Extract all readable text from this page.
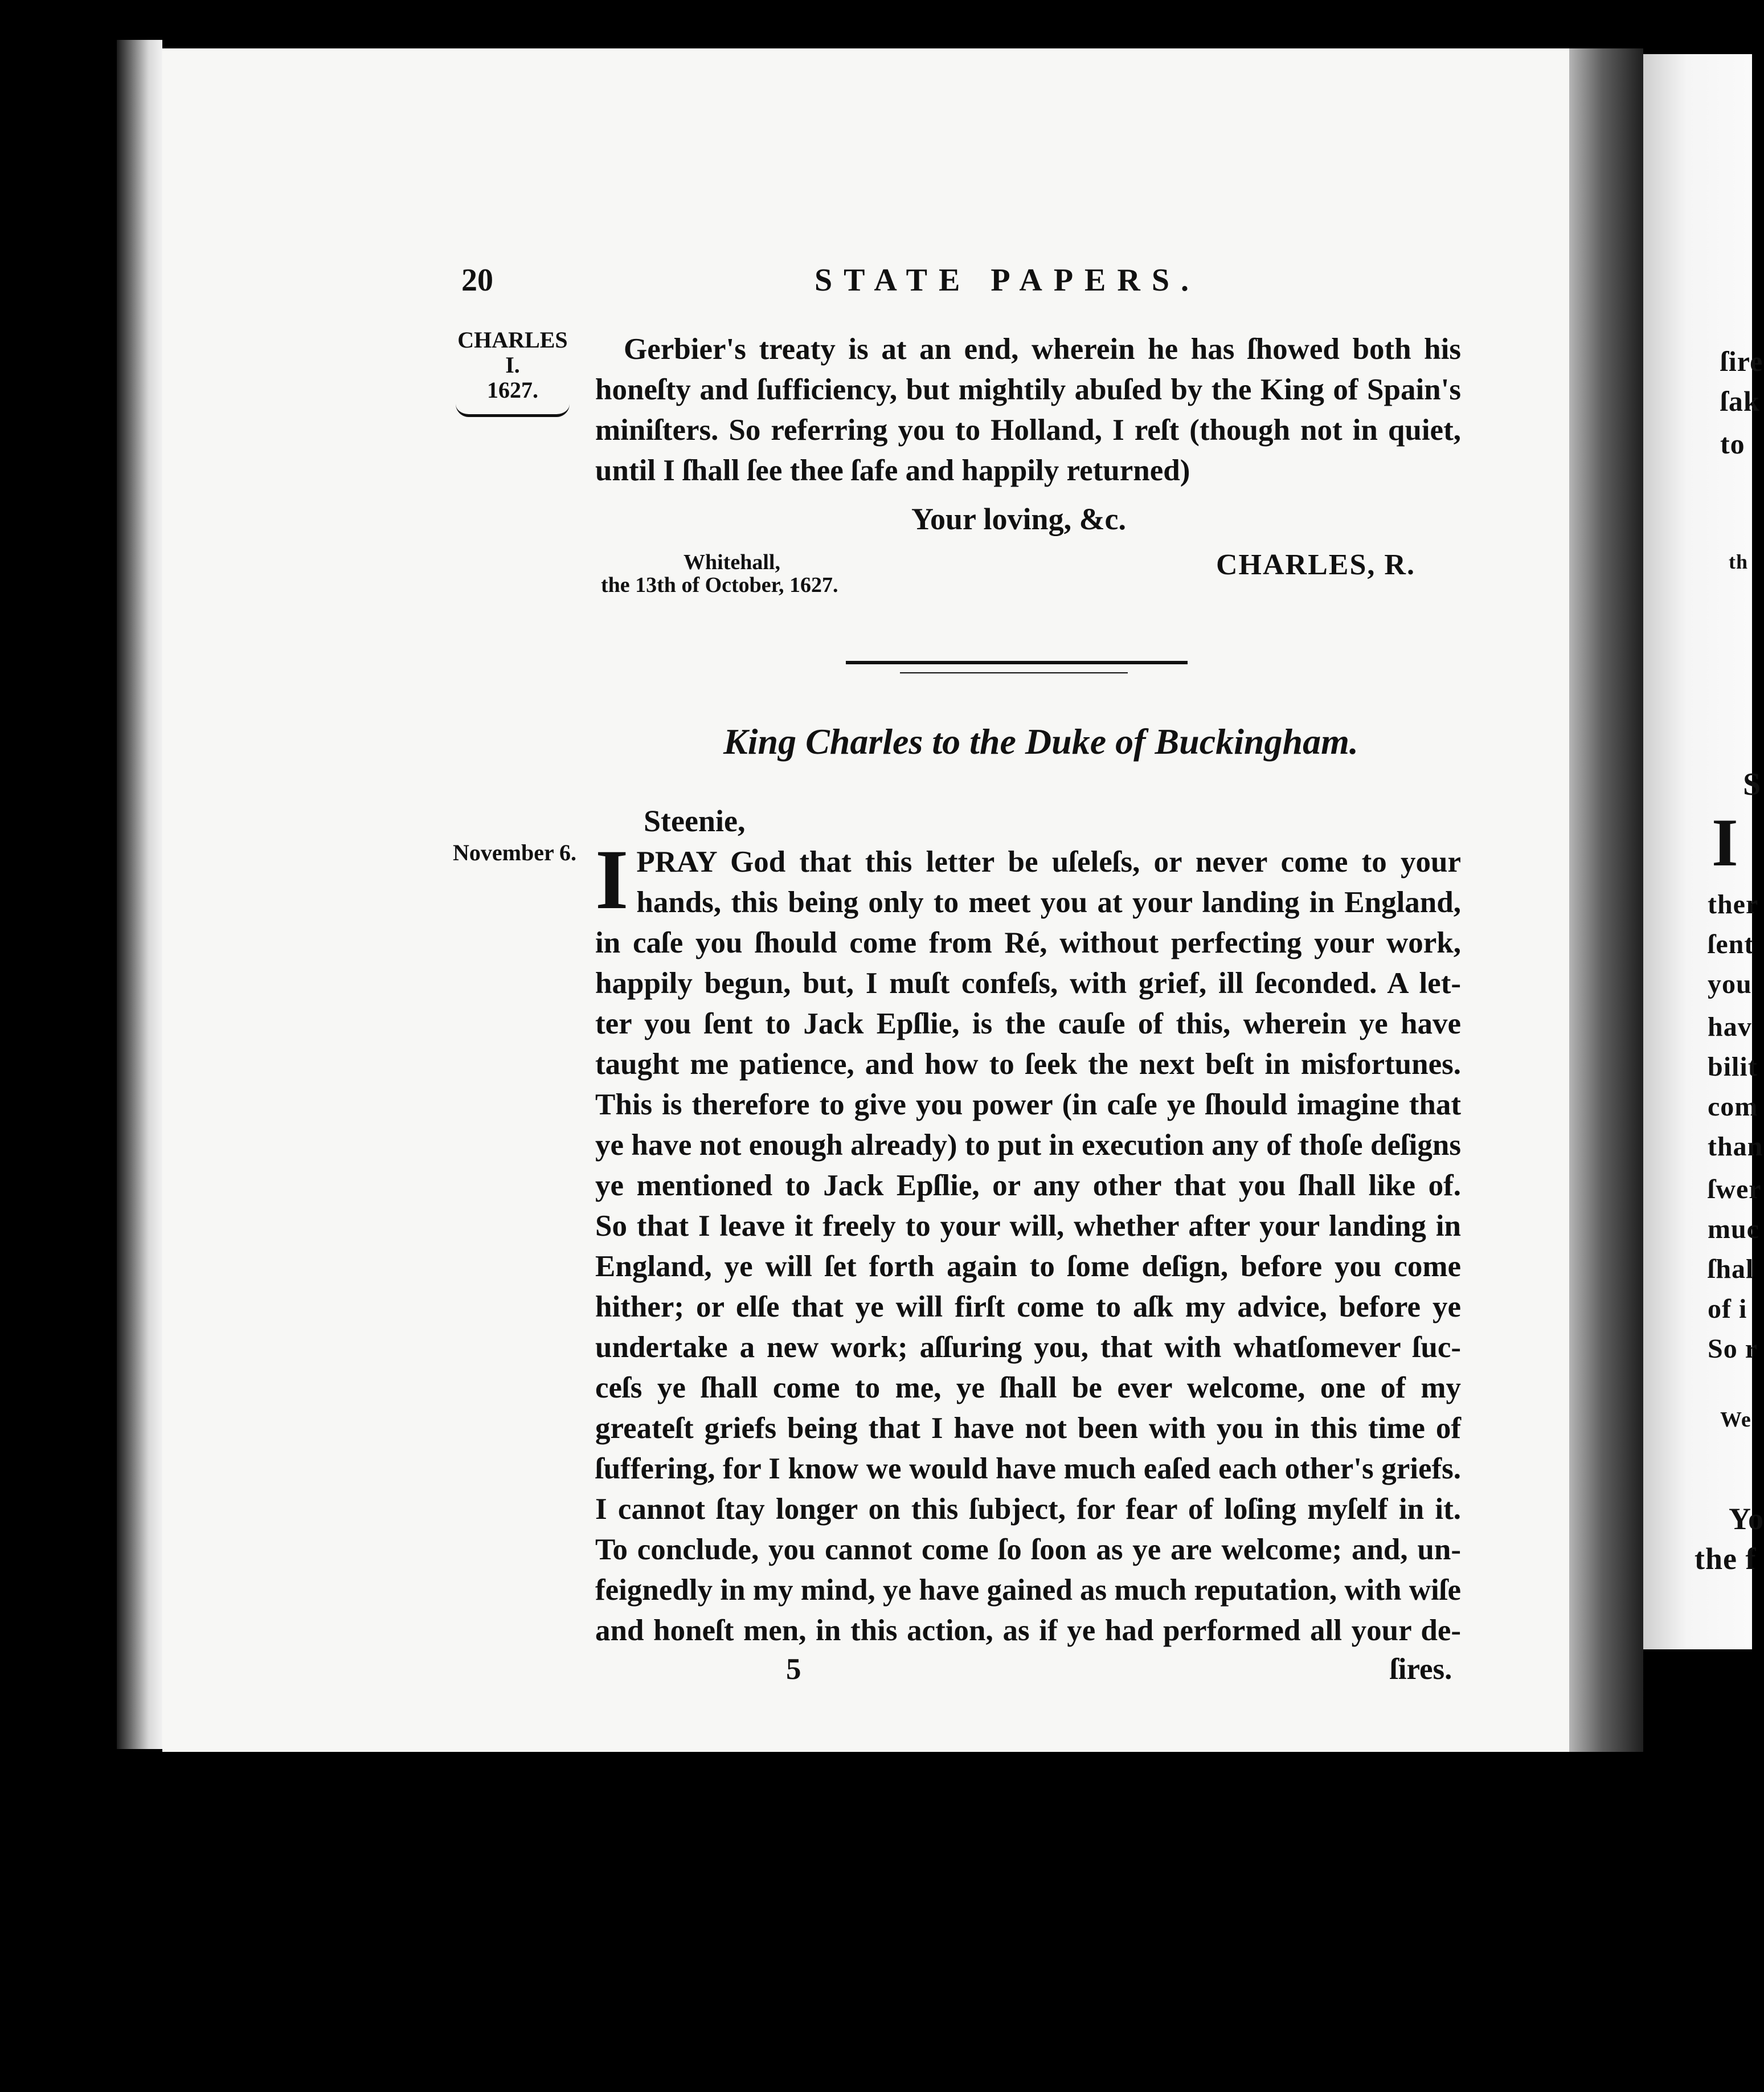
ſire
ſak
to
th
S
I
ther
ſent
you
hav
bilit
com
than
ſwer
muc
ſhal
of i
So r
We
Yo
the f
20	STATE PAPERS.
CHARLES
I.
1627.
November 6.
Gerbier's treaty is at an end, wherein he has ſhowed both his
honeſty and ſufficiency, but mightily abuſed by the King of Spain's
miniſters. So referring you to Holland, I reſt (though not in quiet,
until I ſhall ſee thee ſafe and happily returned)
Your loving, &c.
Whitehall,
the 13th of October, 1627.
CHARLES, R.
King Charles to the Duke of Buckingham.
Steenie,
I PRAY God that this letter be uſeleſs, or never come to your
hands, this being only to meet you at your landing in England,
in caſe you ſhould come from Ré, without perfecting your work,
happily begun, but, I muſt confeſs, with grief, ill ſeconded. A let-
ter you ſent to Jack Epſlie, is the cauſe of this, wherein ye have
taught me patience, and how to ſeek the next beſt in misfortunes.
This is therefore to give you power (in caſe ye ſhould imagine that
ye have not enough already) to put in execution any of thoſe deſigns
ye mentioned to Jack Epſlie, or any other that you ſhall like of.
So that I leave it freely to your will, whether after your landing in
England, ye will ſet forth again to ſome deſign, before you come
hither; or elſe that ye will firſt come to aſk my advice, before ye
undertake a new work; aſſuring you, that with whatſomever ſuc-
ceſs ye ſhall come to me, ye ſhall be ever welcome, one of my
greateſt griefs being that I have not been with you in this time of
ſuffering, for I know we would have much eaſed each other's griefs.
I cannot ſtay longer on this ſubject, for fear of loſing myſelf in it.
To conclude, you cannot come ſo ſoon as ye are welcome; and, un-
feignedly in my mind, ye have gained as much reputation, with wiſe
and honeſt men, in this action, as if ye had performed all your de-
5	ſires.
